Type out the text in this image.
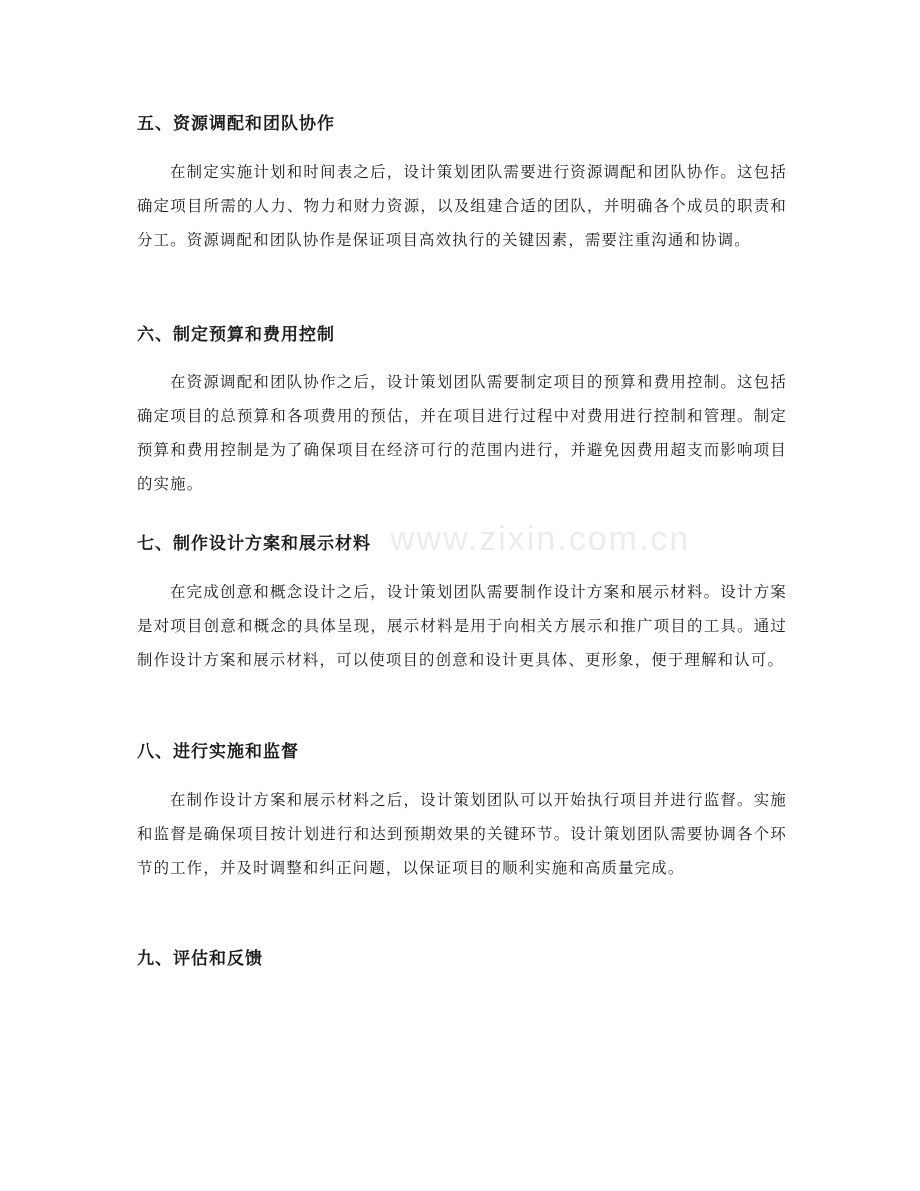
五、资源调配和团队协作

在制定实施计划和时间表之后，设计策划团队需要进行资源调配和团队协作。这包括确定项目所需的人力、物力和财力资源，以及组建合适的团队，并明确各个成员的职责和分工。资源调配和团队协作是保证项目高效执行的关键因素，需要注重沟通和协调。

六、制定预算和费用控制

在资源调配和团队协作之后，设计策划团队需要制定项目的预算和费用控制。这包括确定项目的总预算和各项费用的预估，并在项目进行过程中对费用进行控制和管理。制定预算和费用控制是为了确保项目在经济可行的范围内进行，并避免因费用超支而影响项目的实施。

七、制作设计方案和展示材料

在完成创意和概念设计之后，设计策划团队需要制作设计方案和展示材料。设计方案是对项目创意和概念的具体呈现，展示材料是用于向相关方展示和推广项目的工具。通过制作设计方案和展示材料，可以使项目的创意和设计更具体、更形象，便于理解和认可。

八、进行实施和监督

在制作设计方案和展示材料之后，设计策划团队可以开始执行项目并进行监督。实施和监督是确保项目按计划进行和达到预期效果的关键环节。设计策划团队需要协调各个环节的工作，并及时调整和纠正问题，以保证项目的顺利实施和高质量完成。

九、评估和反馈
www.zixin.com.cn
